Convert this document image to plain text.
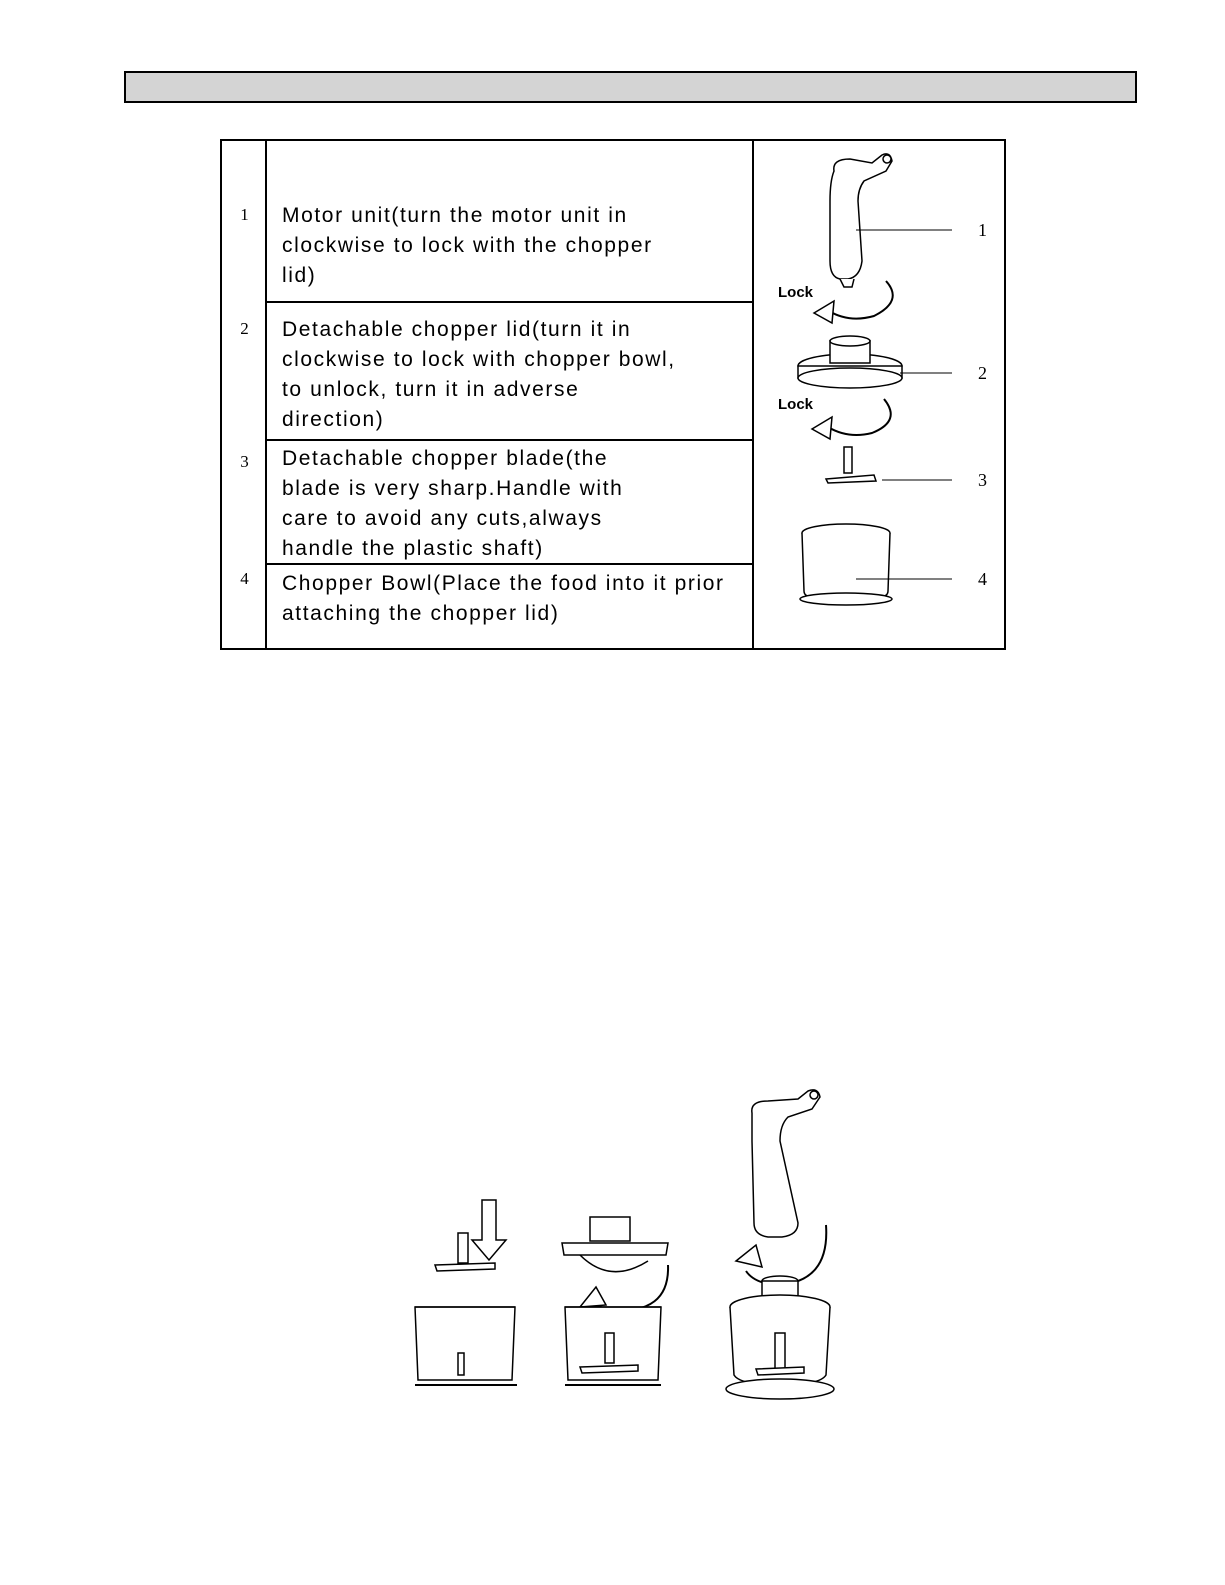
1	Motor unit(turn the motor unit in
clockwise to lock with the chopper
lid)
2	Detachable chopper lid(turn it in
clockwise to lock with chopper bowl,
to unlock, turn it in adverse
direction)
3	Detachable chopper blade(the
blade is very sharp.Handle with
care to avoid any cuts,always
handle the plastic shaft)
4	Chopper Bowl(Place the food into it prior
attaching the chopper lid)
1
Lock
2
Lock
3
4
